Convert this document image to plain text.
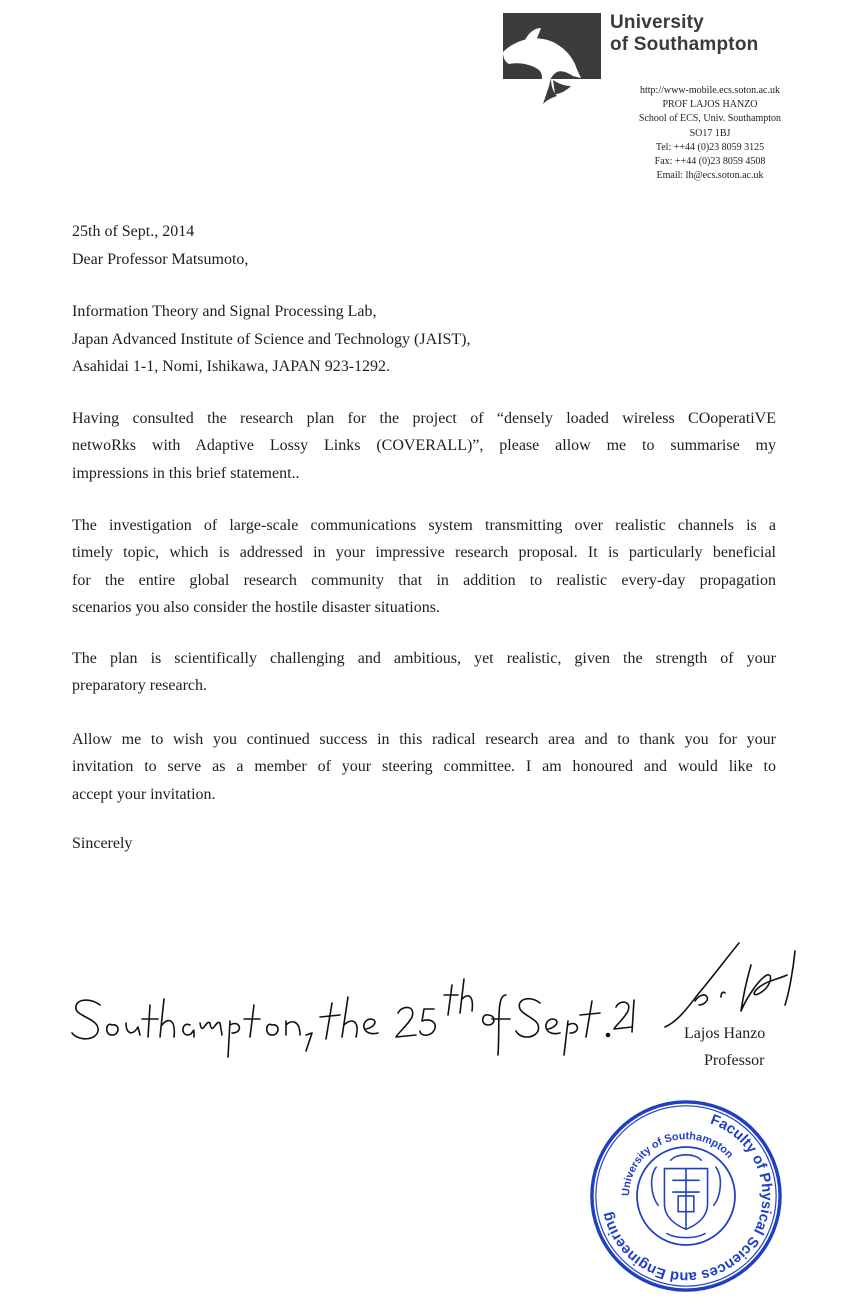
University
of Southampton
http://www-mobile.ecs.soton.ac.uk
PROF LAJOS HANZO
School of ECS, Univ. Southampton
SO17 1BJ
Tel: ++44 (0)23 8059 3125
Fax: ++44 (0)23 8059 4508
Email: lh@ecs.soton.ac.uk
25th of Sept., 2014
Dear Professor Matsumoto,
Information Theory and Signal Processing Lab,
Japan Advanced Institute of Science and Technology (JAIST),
Asahidai 1-1, Nomi, Ishikawa, JAPAN 923-1292.
Having consulted the research plan for the project of “densely loaded wireless COoperatiVE
netwoRks with Adaptive Lossy Links (COVERALL)”, please allow me to summarise my
impressions in this brief statement..
The investigation of large-scale communications system transmitting over realistic channels is a
timely topic, which is addressed in your impressive research proposal. It is particularly beneficial
for the entire global research community that in addition to realistic every-day propagation
scenarios you also consider the hostile disaster situations.
The plan is scientifically challenging and ambitious, yet realistic, given the strength of your
preparatory research.
Allow me to wish you continued success in this radical research area and to thank you for your
invitation to serve as a member of your steering committee. I am honoured and would like to
accept your invitation.
Sincerely
Lajos Hanzo
Professor
Faculty of Physical Sciences and Engineering
University of Southampton
